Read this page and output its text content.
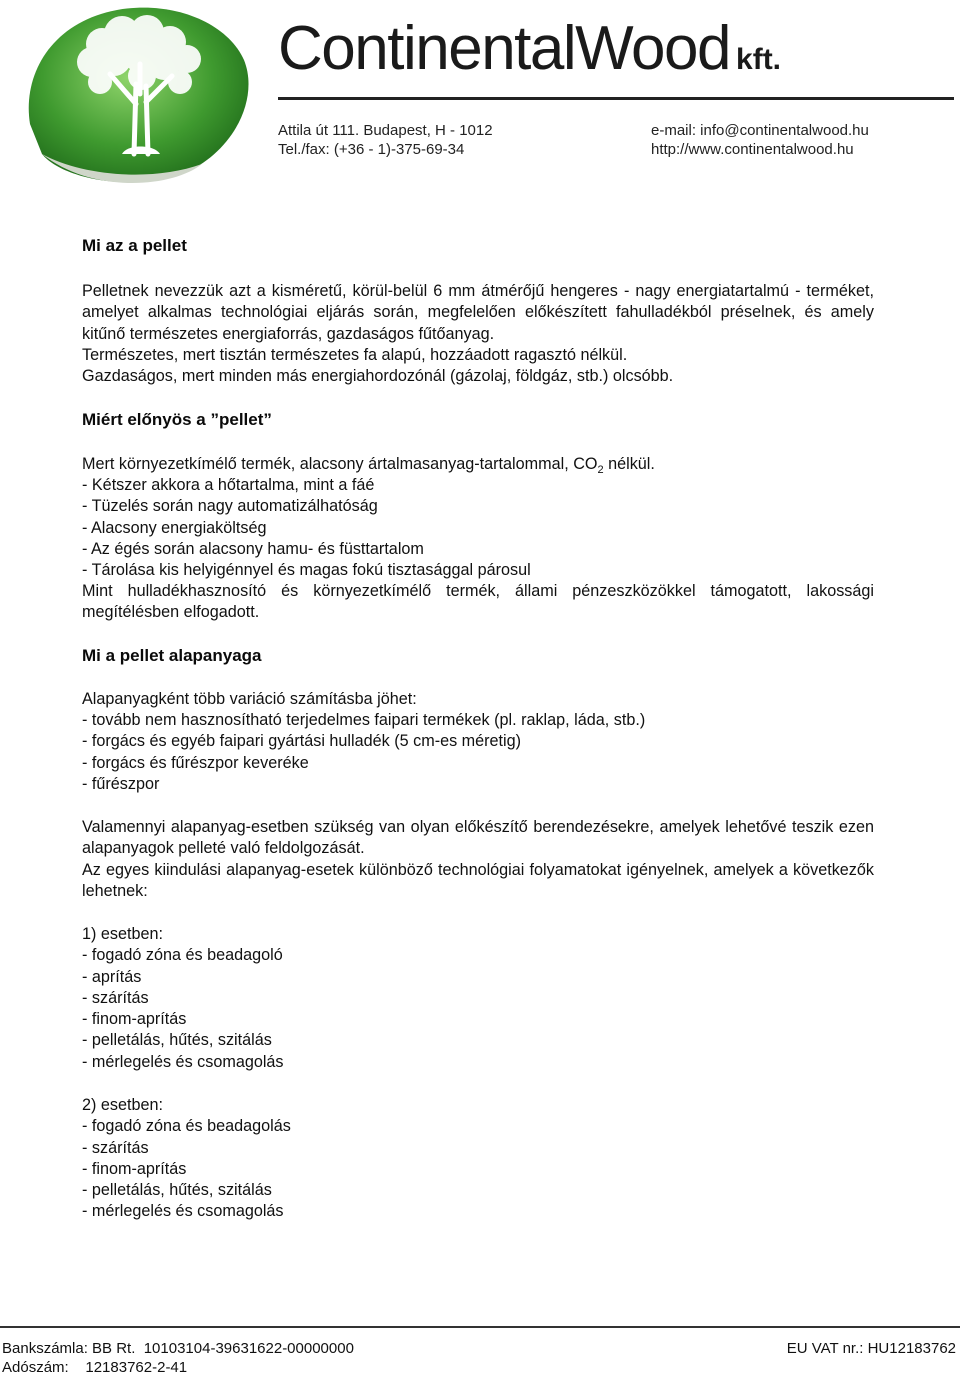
ContinentalWood kft.
Attila út 111. Budapest, H - 1012
Tel./fax: (+36 - 1)-375-69-34
e-mail: info@continentalwood.hu
http://www.continentalwood.hu
Mi az a pellet
Pelletnek nevezzük azt a kisméretű, körül-belül 6 mm átmérőjű hengeres - nagy energiatartalmú - terméket, amelyet alkalmas technológiai eljárás során, megfelelően előkészített fahulladékból préselnek, és amely kitűnő természetes energiaforrás, gazdaságos fűtőanyag.
Természetes, mert tisztán természetes fa alapú, hozzáadott ragasztó nélkül.
Gazdaságos, mert minden más energiahordozónál (gázolaj, földgáz, stb.) olcsóbb.
Miért előnyös a ”pellet”
Mert környezetkímélő termék, alacsony ártalmasanyag-tartalommal, $CO_2$ nélkül.
- Kétszer akkora a hőtartalma, mint a fáé
- Tüzelés során nagy automatizálhatóság
- Alacsony energiaköltség
- Az égés során alacsony hamu- és füsttartalom
- Tárolása kis helyigénnyel és magas fokú tisztasággal párosul
Mint hulladékhasznosító és környezetkímélő termék, állami pénzeszközökkel támogatott, lakossági megítélésben elfogadott.
Mi a pellet alapanyaga
Alapanyagként több variáció számításba jöhet:
- tovább nem hasznosítható terjedelmes faipari termékek (pl. raklap, láda, stb.)
- forgács és egyéb faipari gyártási hulladék (5 cm-es méretig)
- forgács és fűrészpor keveréke
- fűrészpor
Valamennyi alapanyag-esetben szükség van olyan előkészítő berendezésekre, amelyek lehetővé teszik ezen alapanyagok pelleté való feldolgozását.
Az egyes kiindulási alapanyag-esetek különböző technológiai folyamatokat igényelnek, amelyek a következők lehetnek:
1) esetben:
- fogadó zóna és beadagoló
- aprítás
- szárítás
- finom-aprítás
- pelletálás, hűtés, szitálás
- mérlegelés és csomagolás
2) esetben:
- fogadó zóna és beadagolás
- szárítás
- finom-aprítás
- pelletálás, hűtés, szitálás
- mérlegelés és csomagolás
Bankszámla: BB Rt.  10103104-39631622-00000000
Adószám:    12183762-2-41
EU VAT nr.: HU12183762
